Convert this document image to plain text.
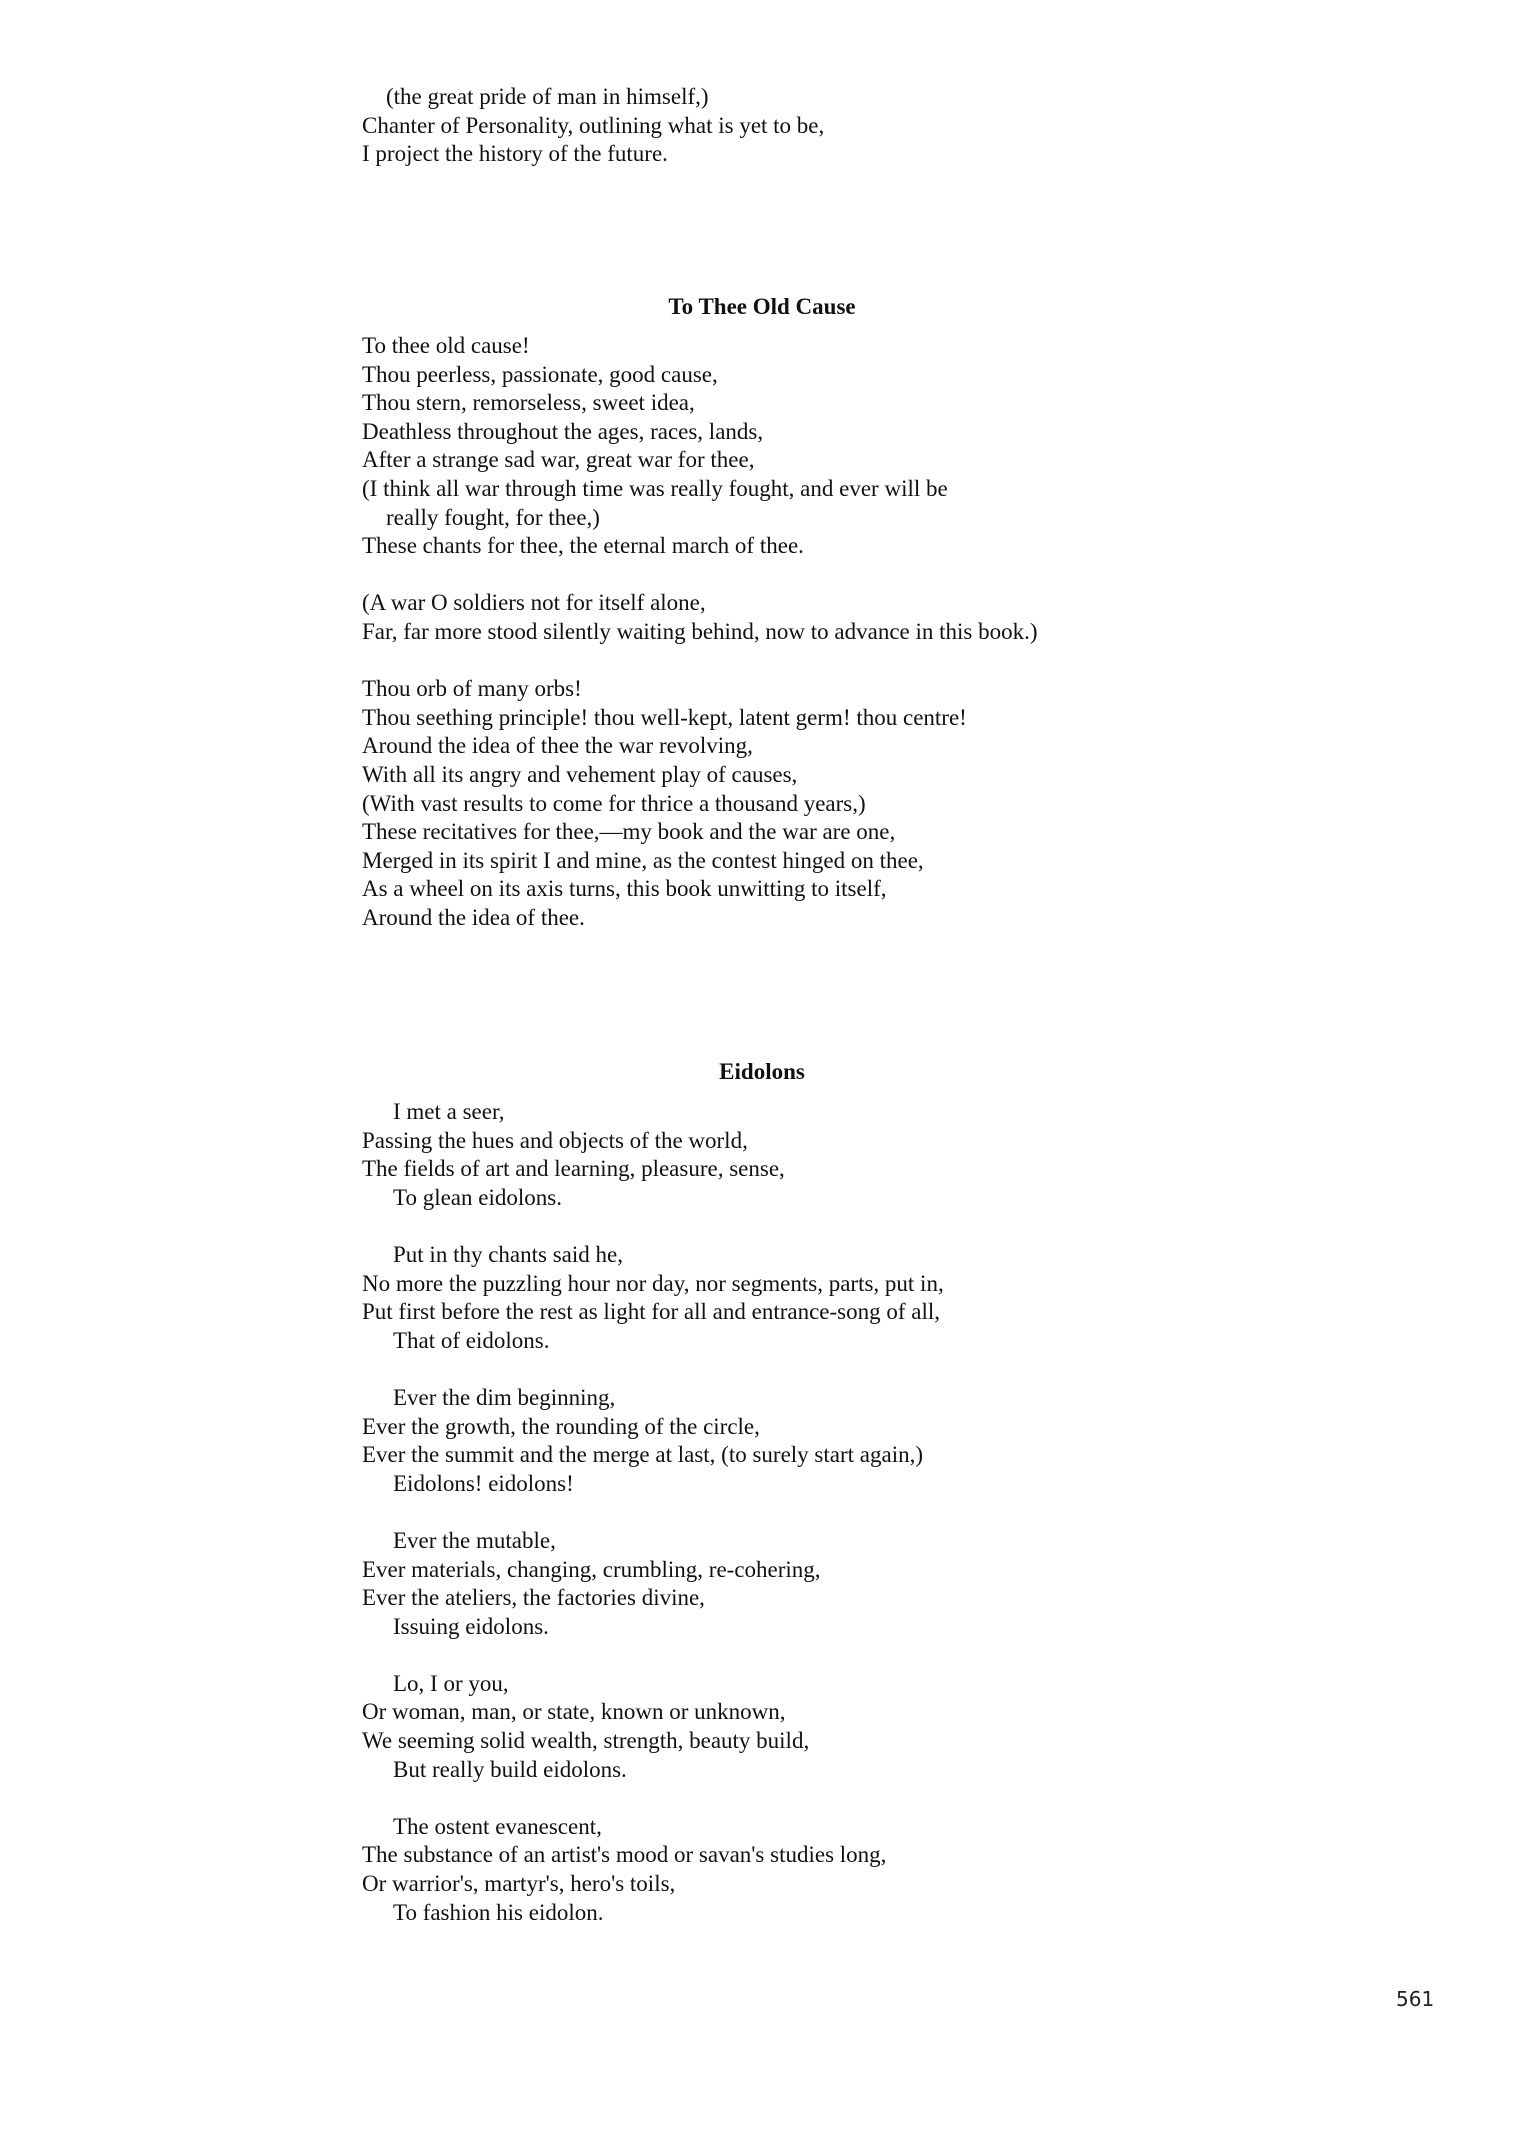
(the great pride of man in himself,)

Chanter of Personality, outlining what is yet to be,

I project the history of the future.

To Thee Old Cause

To thee old cause!

Thou peerless, passionate, good cause,

Thou stern, remorseless, sweet idea,

Deathless throughout the ages, races, lands,

After a strange sad war, great war for thee,

(I think all war through time was really fought, and ever will be

really fought, for thee,)

These chants for thee, the eternal march of thee.

(A war O soldiers not for itself alone,

Far, far more stood silently waiting behind, now to advance in this book.)

Thou orb of many orbs!

Thou seething principle! thou well-kept, latent germ! thou centre!

Around the idea of thee the war revolving,

With all its angry and vehement play of causes,

(With vast results to come for thrice a thousand years,)

These recitatives for thee,—my book and the war are one,

Merged in its spirit I and mine, as the contest hinged on thee,

As a wheel on its axis turns, this book unwitting to itself,

Around the idea of thee.

Eidolons

I met a seer,

Passing the hues and objects of the world,

The fields of art and learning, pleasure, sense,

To glean eidolons.

Put in thy chants said he,

No more the puzzling hour nor day, nor segments, parts, put in,

Put first before the rest as light for all and entrance-song of all,

That of eidolons.

Ever the dim beginning,

Ever the growth, the rounding of the circle,

Ever the summit and the merge at last, (to surely start again,)

Eidolons! eidolons!

Ever the mutable,

Ever materials, changing, crumbling, re-cohering,

Ever the ateliers, the factories divine,

Issuing eidolons.

Lo, I or you,

Or woman, man, or state, known or unknown,

We seeming solid wealth, strength, beauty build,

But really build eidolons.

The ostent evanescent,

The substance of an artist's mood or savan's studies long,

Or warrior's, martyr's, hero's toils,

To fashion his eidolon.

561
